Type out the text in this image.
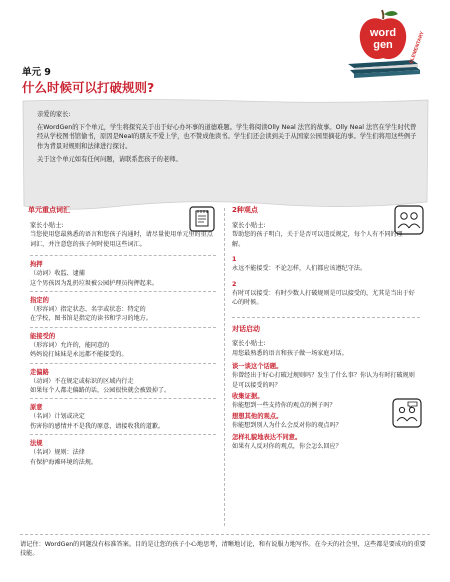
单元 9
什么时候可以打破规则?
word
gen	ELEMENTARY

亲爱的家长:

在WordGen的下个单元，学生将探究关于出于好心办坏事的道德难题。学生将阅读Olly Neal 法官的故事。Olly Neal 法官在学生时代曾经从学校图书馆偷书，原因是Neal的朋友不爱上学，也不赞成他读书。学生们还会读到关于从国家公园里摘花的事。学生们将用这些例子作为背景对规则和法律进行探讨。

关于这个单元如有任何问题，请联系您孩子的老师。

单元重点词汇
家长小贴士:
当您使用您最熟悉的语言和您孩子沟通时，请尽量使用单元里的重点词汇，并注意您的孩子何时使用这些词汇。
拘押
（动词）收监、逮捕
这个男孩因为乱扔垃圾被公园护理员拘押起来。
指定的
（形容词）指定状态、名字或状态：特定的
在学校，图书馆是指定的读书和学习的地方。
能接受的
（形容词）允许的，能同意的
妈妈说打妹妹是永远都不能接受的。
走偏路
（动词）不在规定或标识的区域内行走
如果每个人都走偏路的话，公园很快就会被毁掉了。
原意
（名词）计划或决定
伤害你的感情并不是我的原意，请接收我的道歉。
法规
（名词）规则：法律
有保护海滩环境的法规。
2种观点
家长小贴士:
帮助您的孩子明白，关于是否可以违反规定，每个人有不同的理解。
1
永远不能接受：不论怎样，人们都应该遵纪守法。
2
有时可以接受：有时少数人打破规则是可以接受的，尤其是当出于好心的时候。
对话启动
家长小贴士:
用您最熟悉的语言和孩子做一场家庭对话。
谈一谈这个话题。
你曾经出于好心打破过规则吗？发生了什么事？你认为有时打破规则是可以接受的吗？
收集证据。
你能想到一些支持你的观点的例子吗？
想想其他的观点。
你能想到别人为什么会反对你的观点吗？
怎样礼貌地表达不同意。
如果有人反对你的观点，你会怎么回应？
请记住：WordGen的问题没有标准答案。目的是让您的孩子小心地思考，清晰地讨论，和有说服力地写作。在今天的社会里，这些都是要成功的重要技能。
